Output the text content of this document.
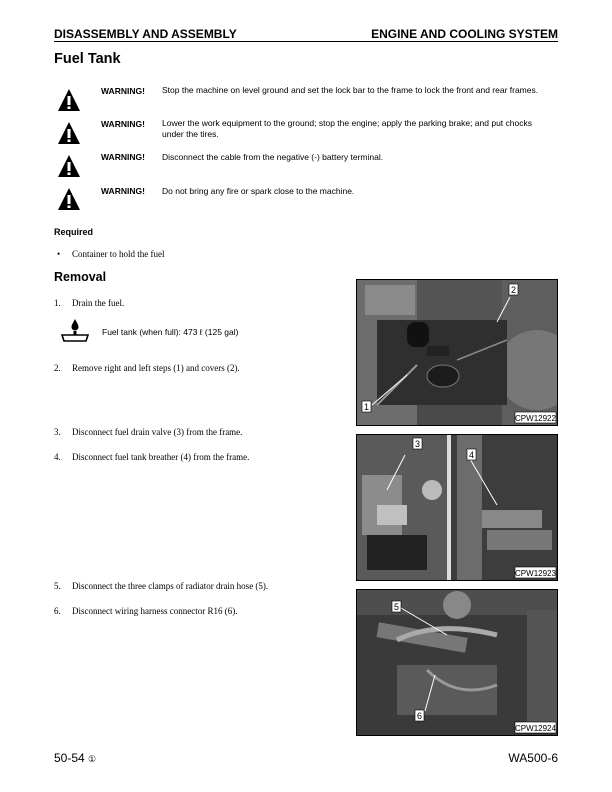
DISASSEMBLY AND ASSEMBLY	ENGINE AND COOLING SYSTEM
Fuel Tank
WARNING! Stop the machine on level ground and set the lock bar to the frame to lock the front and rear frames.
WARNING! Lower the work equipment to the ground; stop the engine; apply the parking brake; and put chocks under the tires.
WARNING! Disconnect the cable from the negative (-) battery terminal.
WARNING! Do not bring any fire or spark close to the machine.
Required
• Container to hold the fuel
Removal
1. Drain the fuel.
Fuel tank (when full): 473 ℓ (125 gal)
2. Remove right and left steps (1) and covers (2).
3. Disconnect fuel drain valve (3) from the frame.
4. Disconnect fuel tank breather (4) from the frame.
5. Disconnect the three clamps of radiator drain hose (5).
6. Disconnect wiring harness connector R16 (6).
2
1
CPW12922
3
4
CPW12923
5
6
CPW12924
50-54 ①	WA500-6
